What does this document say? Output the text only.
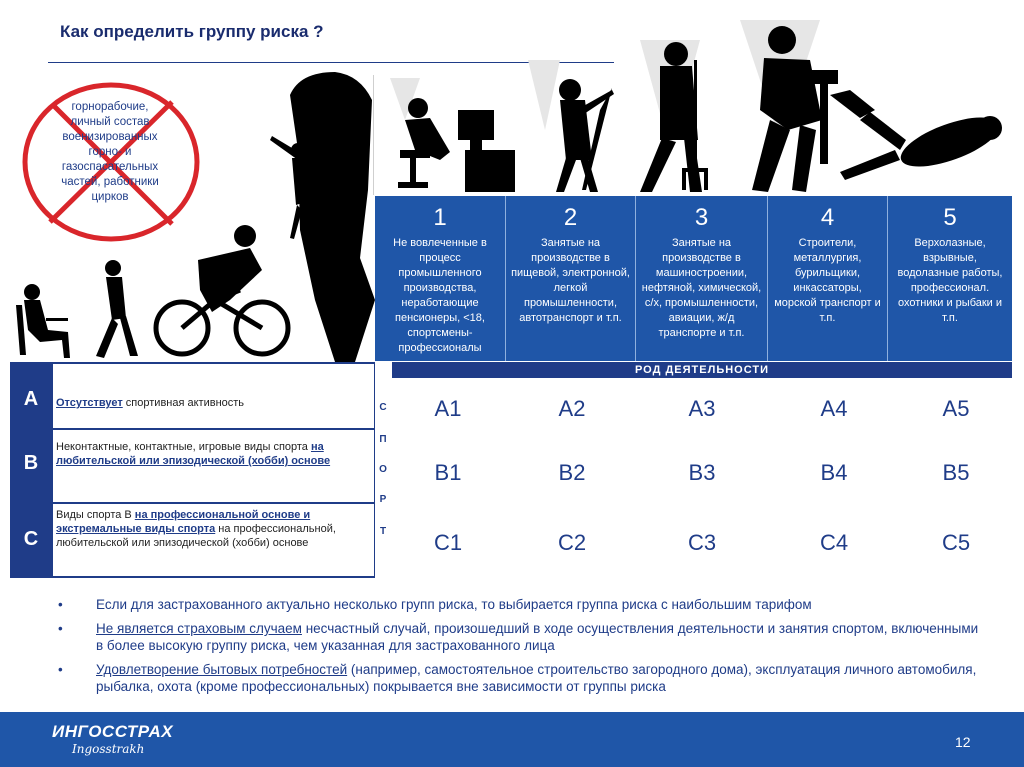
Как определить группу риска ?
горнорабочие,
личный состав
военизированных
горно- и
газоспасательных
частей, работники
цирков
1
Не вовлеченные в процесс промышленного производства, неработающие пенсионеры, <18, спортсмены-профессионалы
2
Занятые на производстве в пищевой, электронной, легкой промышленности, автотранспорт и т.п.
3
Занятые на производстве в машиностроении, нефтяной, химической, с/х, промышленности, авиации, ж/д транспорте и т.п.
4
Строители, металлургия, бурильщики, инкассаторы, морской транспорт и т.п.
5
Верхолазные, взрывные, водолазные работы, профессионал. охотники и рыбаки и т.п.
РОД ДЕЯТЕЛЬНОСТИ
A	Отсутствует спортивная активность
B
Неконтактные, контактные, игровые виды спорта на любительской или эпизодической (хобби) основе
C
Виды спорта B на профессиональной основе и экстремальные виды спорта на профессиональной, любительской или эпизодической (хобби) основе
С
П
О
Р
Т
A1	A2	A3	A4	A5
B1	B2	B3	B4	B5
C1	C2	C3	C4	C5
• Если для застрахованного актуально несколько групп риска, то выбирается группа риска с наибольшим тарифом
• Не является страховым случаем несчастный случай, произошедший в ходе осуществления деятельности и занятия спортом, включенными в более высокую группу риска, чем указанная для застрахованного лица
• Удовлетворение бытовых потребностей (например, самостоятельное строительство загородного дома), эксплуатация личного автомобиля, рыбалка, охота (кроме профессиональных) покрывается вне зависимости от группы риска
ИНГОССТРАХ
Ingosstrakh	12
